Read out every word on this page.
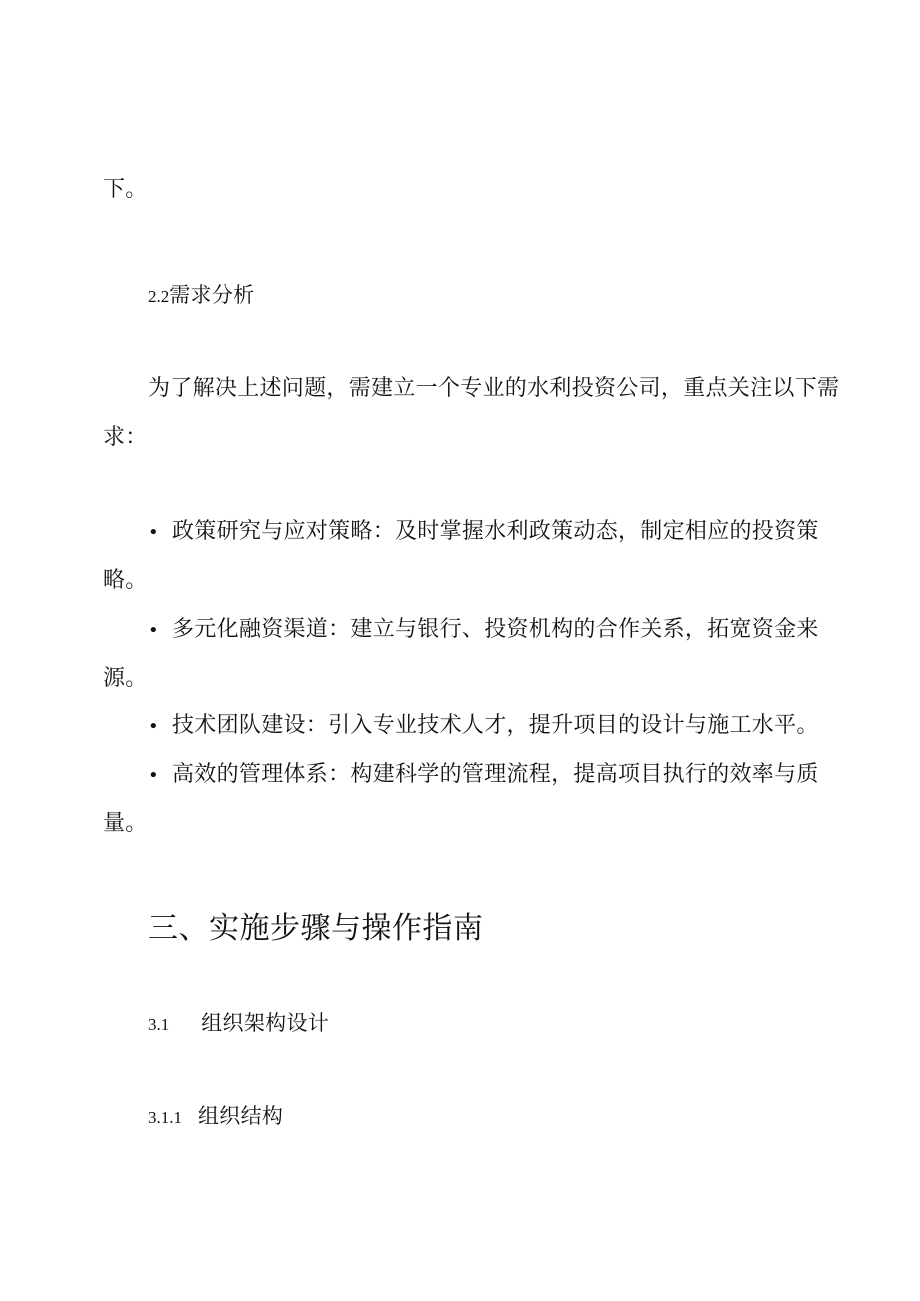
下。
2.2需求分析
为了解决上述问题，需建立一个专业的水利投资公司，重点关注以下需
求：
• 政策研究与应对策略：及时掌握水利政策动态，制定相应的投资策
略。
• 多元化融资渠道：建立与银行、投资机构的合作关系，拓宽资金来
源。
• 技术团队建设：引入专业技术人才，提升项目的设计与施工水平。
• 高效的管理体系：构建科学的管理流程，提高项目执行的效率与质
量。
三、实施步骤与操作指南
3.1 组织架构设计
3.1.1 组织结构
